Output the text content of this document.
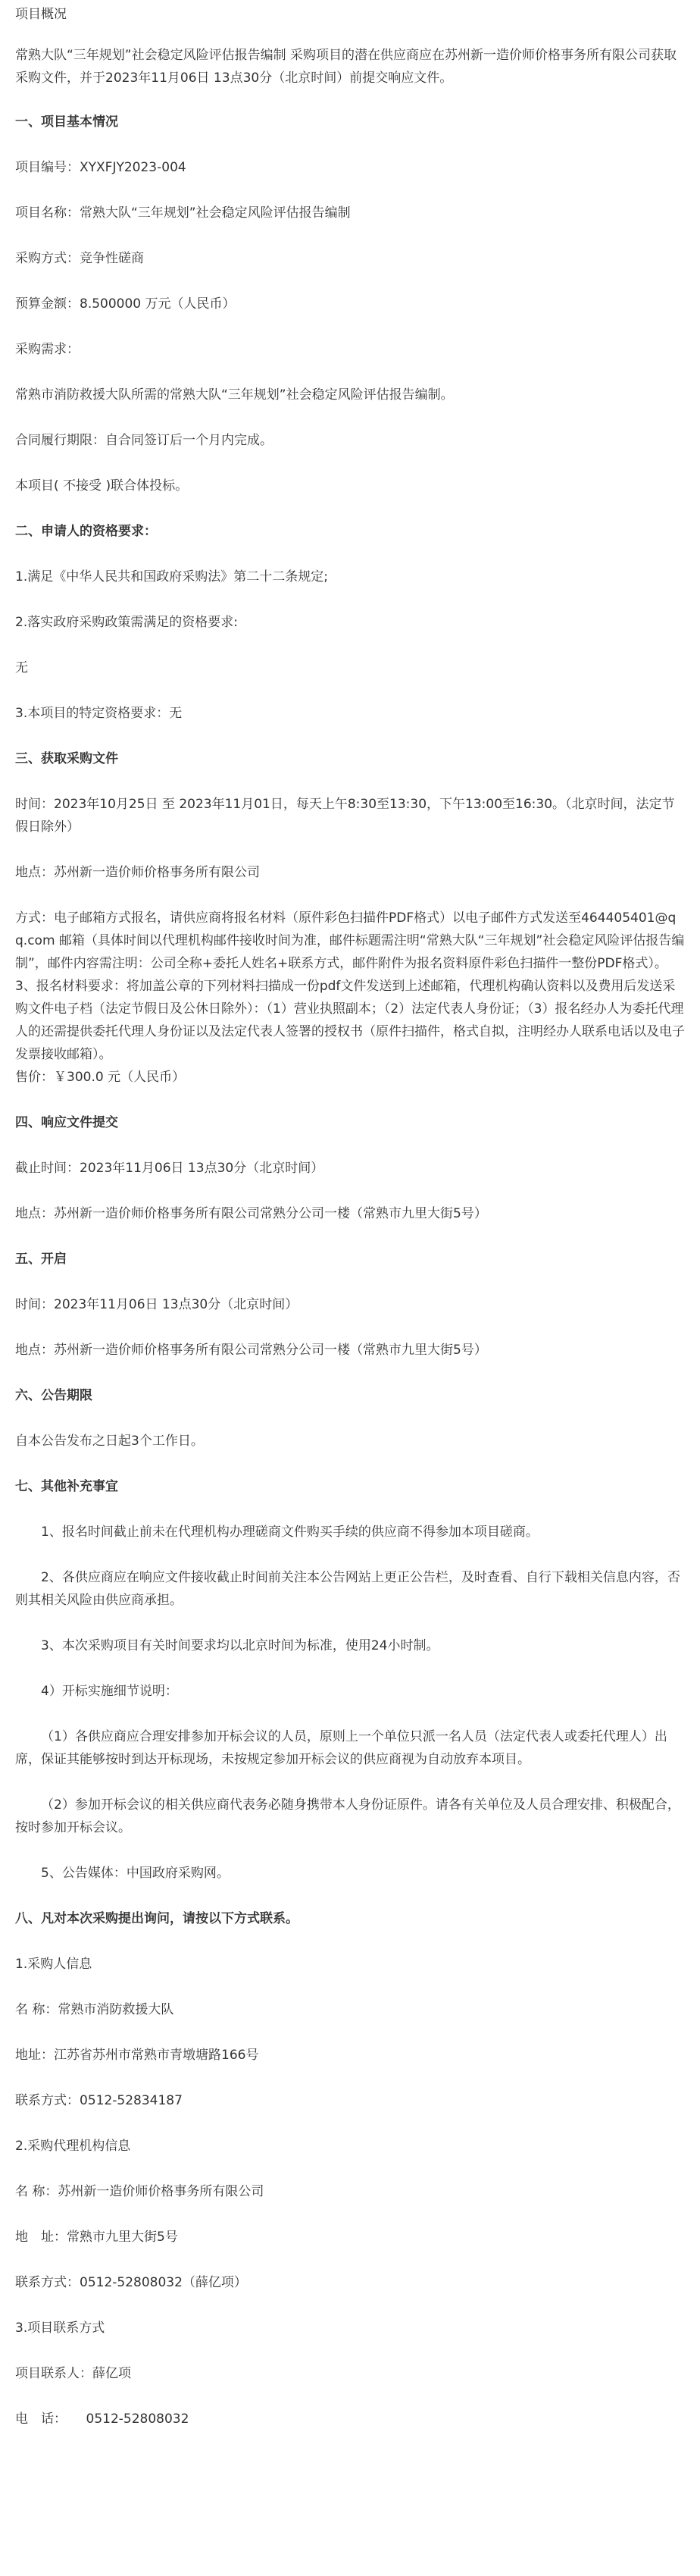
项目概况

常熟大队“三年规划”社会稳定风险评估报告编制 采购项目的潜在供应商应在苏州新一造价师价格事务所有限公司获取采购文件，并于2023年11月06日 13点30分（北京时间）前提交响应文件。

一、项目基本情况

项目编号：XYXFJY2023-004

项目名称：常熟大队“三年规划”社会稳定风险评估报告编制

采购方式：竞争性磋商

预算金额：8.500000 万元（人民币）

采购需求：

常熟市消防救援大队所需的常熟大队“三年规划”社会稳定风险评估报告编制。

合同履行期限：自合同签订后一个月内完成。

本项目( 不接受 )联合体投标。

二、申请人的资格要求：

1.满足《中华人民共和国政府采购法》第二十二条规定;

2.落实政府采购政策需满足的资格要求:

无

3.本项目的特定资格要求：无

三、获取采购文件

时间：2023年10月25日 至 2023年11月01日，每天上午8:30至13:30，下午13:00至16:30。（北京时间，法定节假日除外）

地点：苏州新一造价师价格事务所有限公司

方式：电子邮箱方式报名，请供应商将报名材料（原件彩色扫描件PDF格式）以电子邮件方式发送至464405401@qq.com 邮箱（具体时间以代理机构邮件接收时间为准，邮件标题需注明“常熟大队“三年规划”社会稳定风险评估报告编制”，邮件内容需注明：公司全称+委托人姓名+联系方式，邮件附件为报名资料原件彩色扫描件一整份PDF格式）。 3、报名材料要求：将加盖公章的下列材料扫描成一份pdf文件发送到上述邮箱，代理机构确认资料以及费用后发送采购文件电子档（法定节假日及公休日除外）：（1）营业执照副本；（2）法定代表人身份证；（3）报名经办人为委托代理人的还需提供委托代理人身份证以及法定代表人签署的授权书（原件扫描件，格式自拟，注明经办人联系电话以及电子发票接收邮箱）。

售价：￥300.0 元（人民币）

四、响应文件提交

截止时间：2023年11月06日 13点30分（北京时间）

地点：苏州新一造价师价格事务所有限公司常熟分公司一楼（常熟市九里大街5号）

五、开启

时间：2023年11月06日 13点30分（北京时间）

地点：苏州新一造价师价格事务所有限公司常熟分公司一楼（常熟市九里大街5号）

六、公告期限

自本公告发布之日起3个工作日。

七、其他补充事宜

1、报名时间截止前未在代理机构办理磋商文件购买手续的供应商不得参加本项目磋商。

2、各供应商应在响应文件接收截止时间前关注本公告网站上更正公告栏，及时查看、自行下载相关信息内容，否则其相关风险由供应商承担。

3、本次采购项目有关时间要求均以北京时间为标准，使用24小时制。

4）开标实施细节说明：

（1）各供应商应合理安排参加开标会议的人员，原则上一个单位只派一名人员（法定代表人或委托代理人）出席，保证其能够按时到达开标现场，未按规定参加开标会议的供应商视为自动放弃本项目。

（2）参加开标会议的相关供应商代表务必随身携带本人身份证原件。请各有关单位及人员合理安排、积极配合，按时参加开标会议。

5、公告媒体：中国政府采购网。

八、凡对本次采购提出询问，请按以下方式联系。

1.采购人信息

名 称：常熟市消防救援大队

地址：江苏省苏州市常熟市青墩塘路166号

联系方式：0512-52834187

2.采购代理机构信息

名 称：苏州新一造价师价格事务所有限公司

地　址：常熟市九里大街5号

联系方式：0512-52808032（薛亿项）

3.项目联系方式

项目联系人：薛亿项

电　话：　　0512-52808032
